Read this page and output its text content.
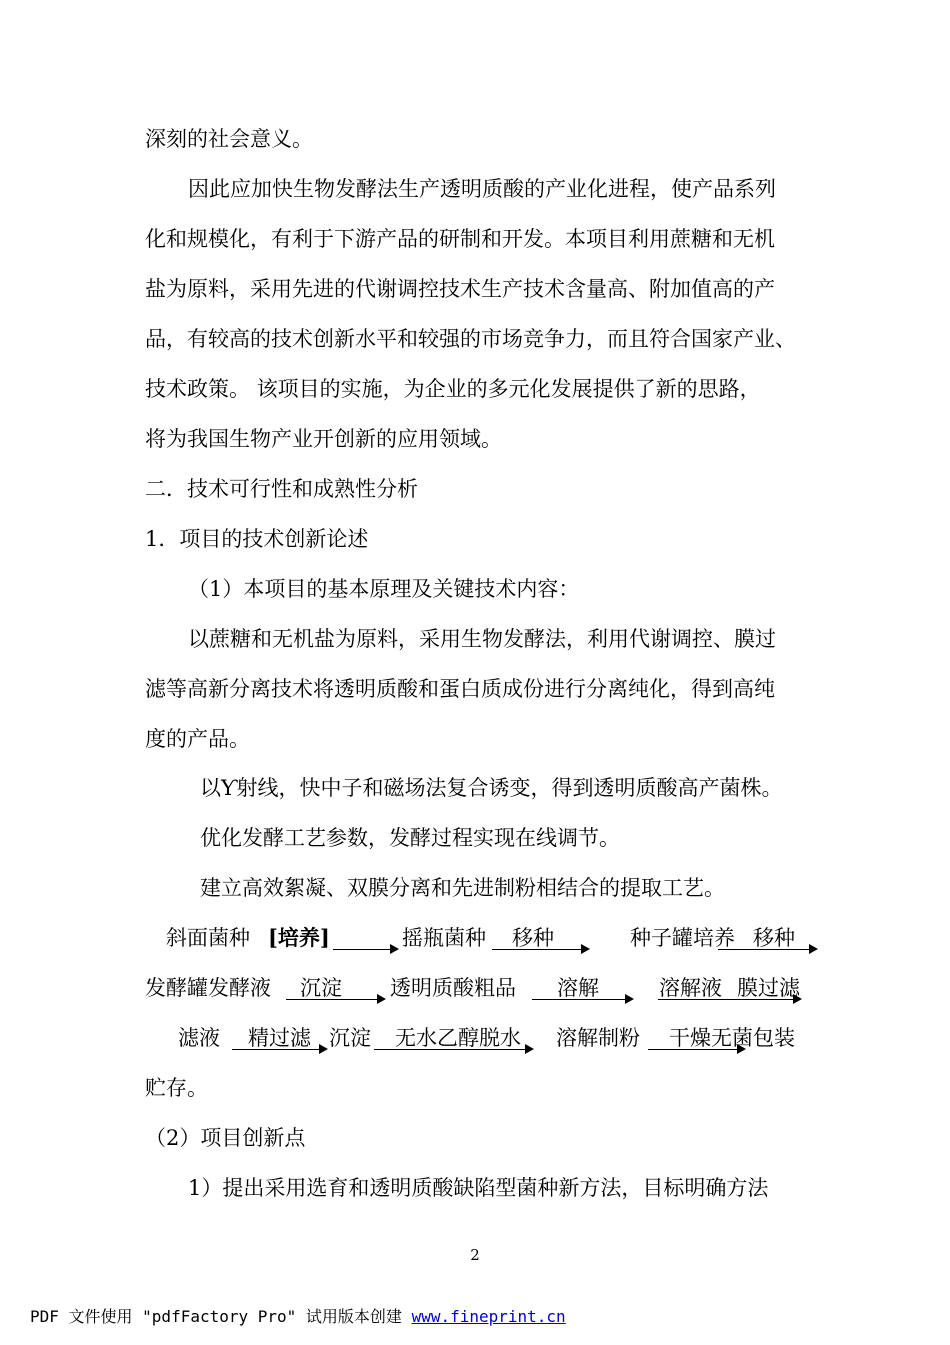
深刻的社会意义。
因此应加快生物发酵法生产透明质酸的产业化进程，使产品系列
化和规模化，有利于下游产品的研制和开发。本项目利用蔗糖和无机
盐为原料，采用先进的代谢调控技术生产技术含量高、附加值高的产
品，有较高的技术创新水平和较强的市场竞争力，而且符合国家产业、
技术政策。 该项目的实施，为企业的多元化发展提供了新的思路，
将为我国生物产业开创新的应用领域。
二．技术可行性和成熟性分析
1．项目的技术创新论述
（1）本项目的基本原理及关键技术内容：
以蔗糖和无机盐为原料，采用生物发酵法，利用代谢调控、膜过
滤等高新分离技术将透明质酸和蛋白质成份进行分离纯化，得到高纯
度的产品。
以Ƴ射线，快中子和磁场法复合诱变，得到透明质酸高产菌株。
优化发酵工艺参数，发酵过程实现在线调节。
建立高效絮凝、双膜分离和先进制粉相结合的提取工艺。
斜面菌种 [培养]	摇瓶菌种 移种	种子罐培养 移种
发酵罐发酵液 沉淀 透明质酸粗品 溶解	溶解液 膜过滤
滤液 精过滤 沉淀 无水乙醇脱水 溶解制粉 干燥无菌包装
贮存。
（2）项目创新点
1）提出采用选育和透明质酸缺陷型菌种新方法，目标明确方法
2
PDF 文件使用 "pdfFactory Pro" 试用版本创建 www.fineprint.cn
